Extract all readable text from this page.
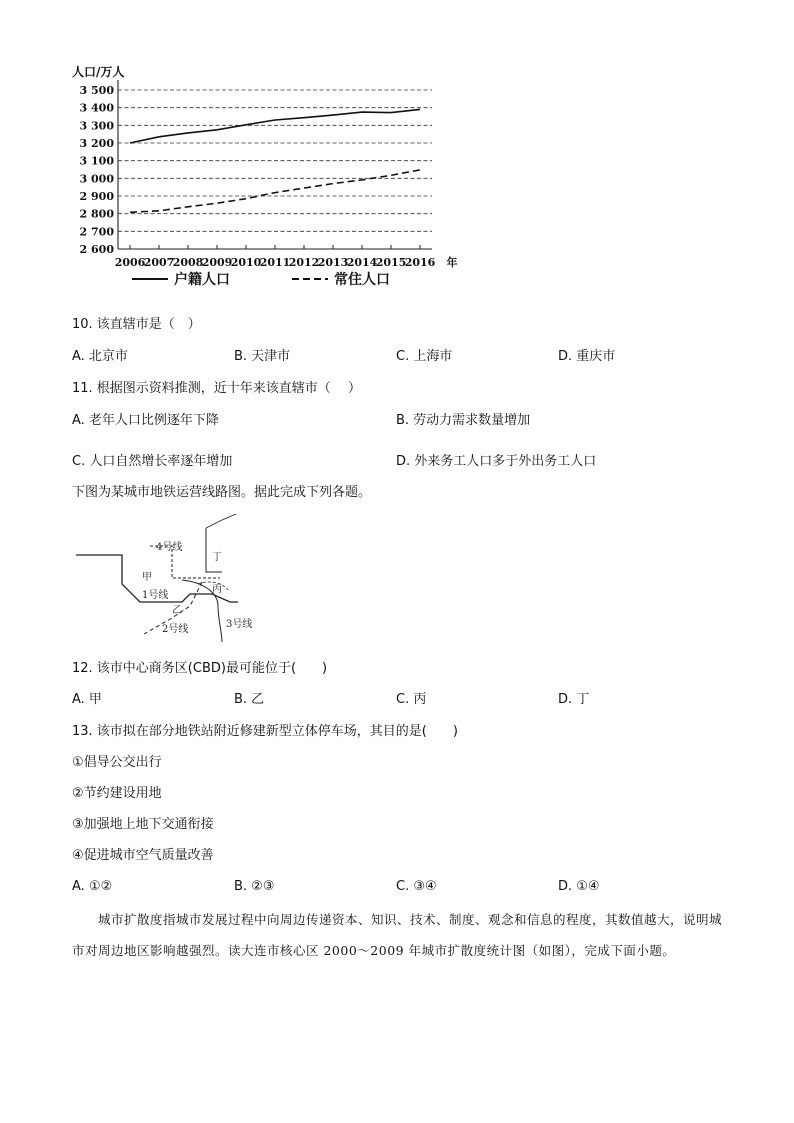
人口/万人
2 600
2 700
2 800
2 900
3 000
3 100
3 200
3 300
3 400
3 500
2006
2007
2008
2009
2010
2011
2012
2013
2014
2015
2016 年
户籍人口	常住人口
10. 该直辖市是（　）
A. 北京市	B. 天津市	C. 上海市	D. 重庆市
11. 根据图示资料推测，近十年来该直辖市（　 ）
A. 老年人口比例逐年下降	B. 劳动力需求数量增加
C. 人口自然增长率逐年增加	D. 外来务工人口多于外出务工人口
下图为某城市地铁运营线路图。据此完成下列各题。
4号线
丁
甲
丙
1号线
乙
2号线	3号线
12. 该市中心商务区(CBD)最可能位于(　　)
A. 甲	B. 乙	C. 丙	D. 丁
13. 该市拟在部分地铁站附近修建新型立体停车场，其目的是(　　)
①倡导公交出行
②节约建设用地
③加强地上地下交通衔接
④促进城市空气质量改善
A. ①②	B. ②③	C. ③④	D. ①④
城市扩散度指城市发展过程中向周边传递资本、知识、技术、制度、观念和信息的程度，其数值越大，说明城市对周边地区影响越强烈。读大连市核心区 2000～2009 年城市扩散度统计图（如图），完成下面小题。
